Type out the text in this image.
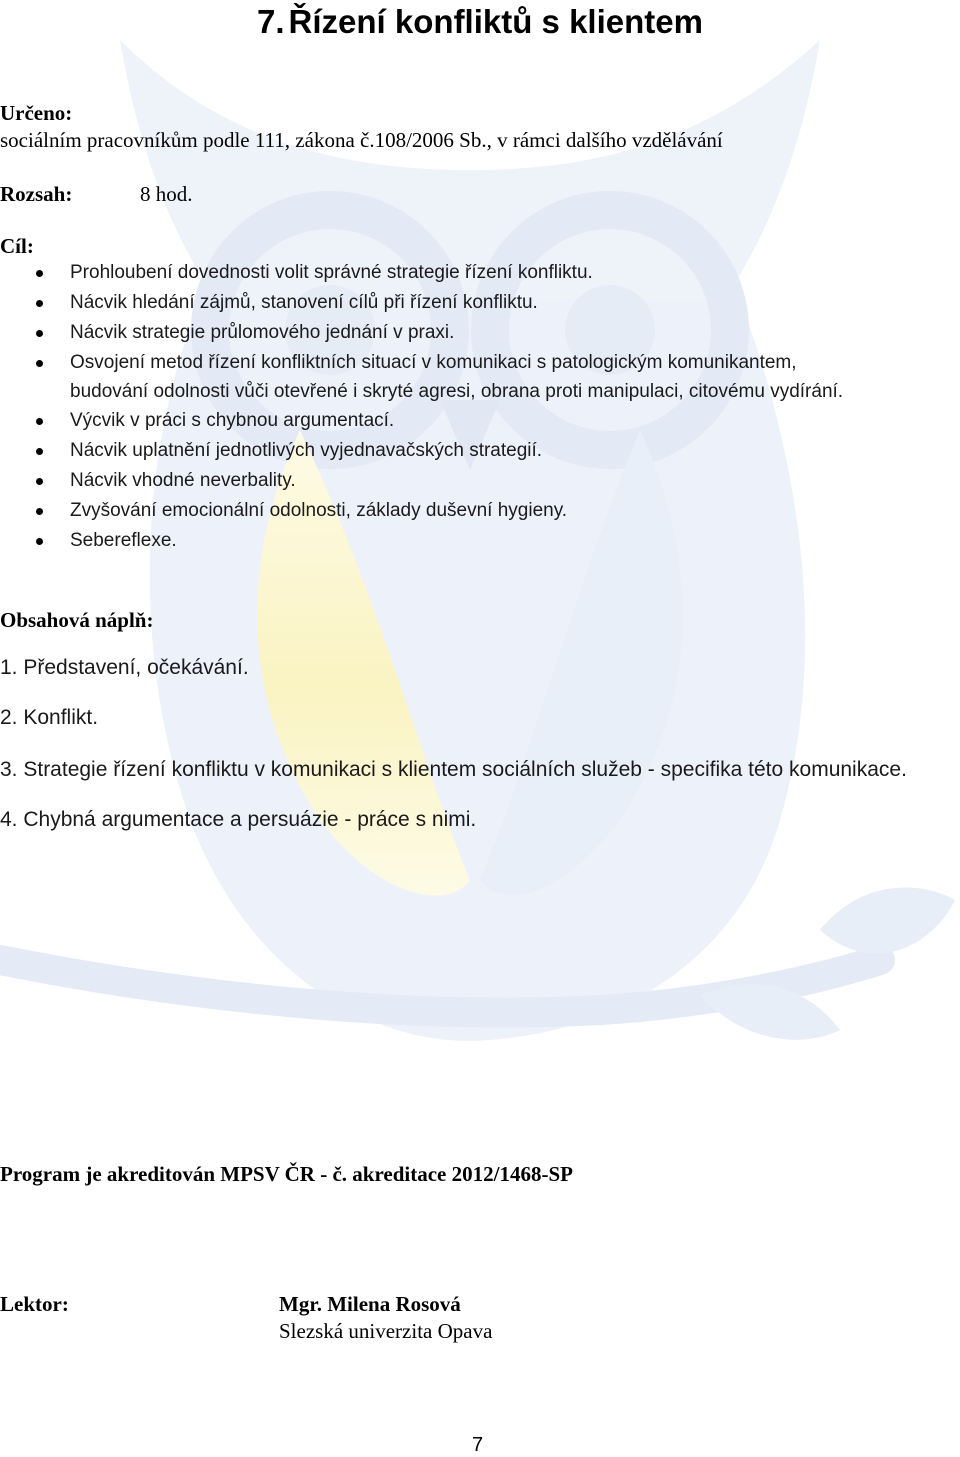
7. Řízení konfliktů s klientem
Určeno:
sociálním pracovníkům podle 111, zákona č.108/2006 Sb., v rámci dalšího vzdělávání
Rozsah:	8 hod.
Cíl:
Prohloubení dovednosti volit správné strategie řízení konfliktu.
Nácvik hledání zájmů, stanovení cílů při řízení konfliktu.
Nácvik strategie průlomového jednání v praxi.
Osvojení metod řízení konfliktních situací v komunikaci s patologickým komunikantem,
budování odolnosti vůči otevřené i skryté agresi, obrana proti manipulaci, citovému vydírání.
Výcvik v práci s chybnou argumentací.
Nácvik uplatnění jednotlivých vyjednavačských strategií.
Nácvik vhodné neverbality.
Zvyšování emocionální odolnosti, základy duševní hygieny.
Sebereflexe.
Obsahová náplň:
1. Představení, očekávání.
2. Konflikt.
3. Strategie řízení konfliktu v komunikaci s klientem sociálních služeb - specifika této komunikace.
4. Chybná argumentace a persuázie - práce s nimi.
Program je akreditován MPSV ČR - č. akreditace 2012/1468-SP
Lektor:	Mgr. Milena Rosová
Slezská univerzita Opava
7
